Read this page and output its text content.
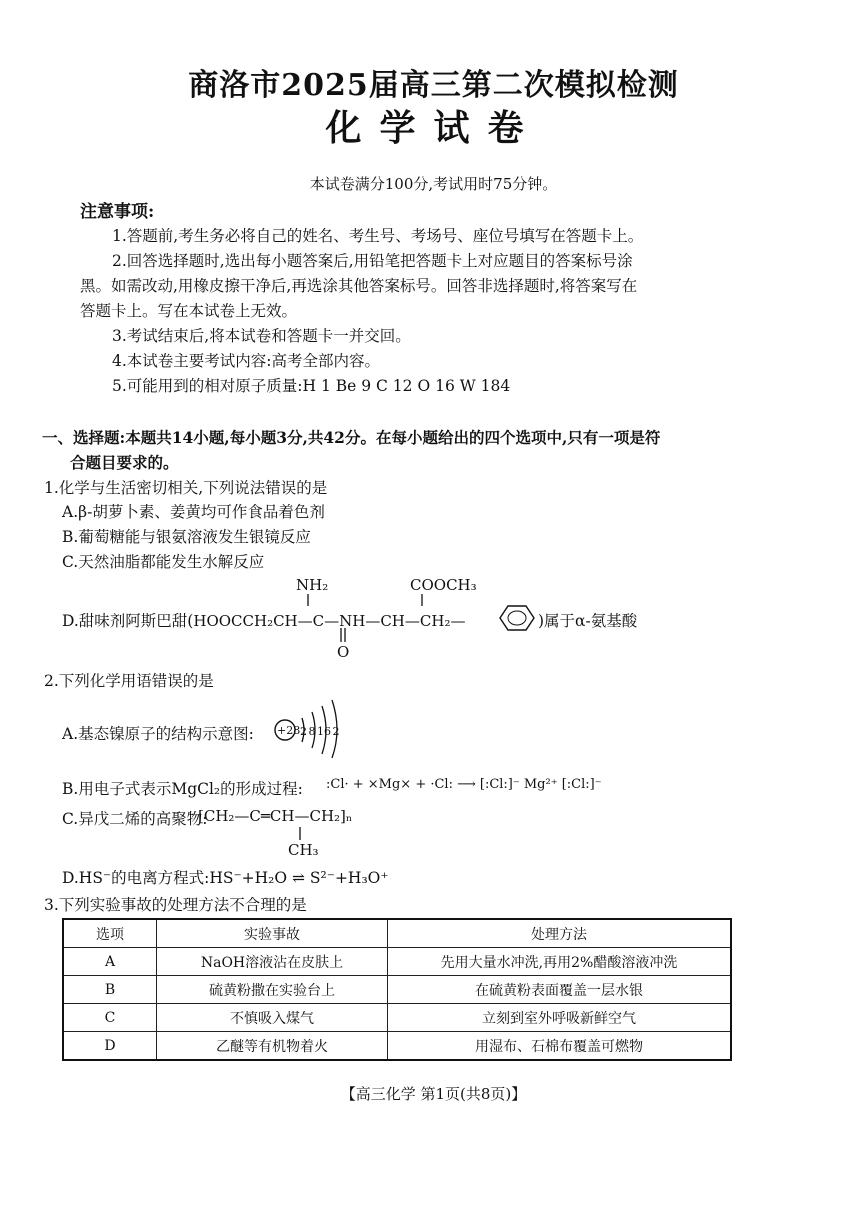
商洛市2025届高三第二次模拟检测
化学试卷
本试卷满分100分,考试用时75分钟。
注意事项:
1.答题前,考生务必将自己的姓名、考生号、考场号、座位号填写在答题卡上。
2.回答选择题时,选出每小题答案后,用铅笔把答题卡上对应题目的答案标号涂
黑。如需改动,用橡皮擦干净后,再选涂其他答案标号。回答非选择题时,将答案写在
答题卡上。写在本试卷上无效。
3.考试结束后,将本试卷和答题卡一并交回。
4.本试卷主要考试内容:高考全部内容。
5.可能用到的相对原子质量:H 1 Be 9 C 12 O 16 W 184
一、选择题:本题共14小题,每小题3分,共42分。在每小题给出的四个选项中,只有一项是符
合题目要求的。
1.化学与生活密切相关,下列说法错误的是
A.β-胡萝卜素、姜黄均可作食品着色剂
B.葡萄糖能与银氨溶液发生银镜反应
C.天然油脂都能发生水解反应
NH₂	COOCH₃
D.甜味剂阿斯巴甜(HOOCCH₂CH—C—NH—CH—CH₂—	)属于α-氨基酸
O
2.下列化学用语错误的是
A.基态镍原子的结构示意图: +28 2 8 16 2
B.用电子式表示MgCl₂的形成过程: :Cl· + ×Mg× + ·Cl: ⟶ [:Cl:]⁻ Mg²⁺ [:Cl:]⁻
C.异戊二烯的高聚物:
[CH₂—C═CH—CH₂]ₙ
CH₃
D.HS⁻的电离方程式:HS⁻+H₂O ⇌ S²⁻+H₃O⁺
3.下列实验事故的处理方法不合理的是
选项	实验事故	处理方法
A	NaOH溶液沾在皮肤上	先用大量水冲洗,再用2%醋酸溶液冲洗
B	硫黄粉撒在实验台上	在硫黄粉表面覆盖一层水银
C	不慎吸入煤气	立刻到室外呼吸新鲜空气
D	乙醚等有机物着火	用湿布、石棉布覆盖可燃物
【高三化学 第1页(共8页)】
